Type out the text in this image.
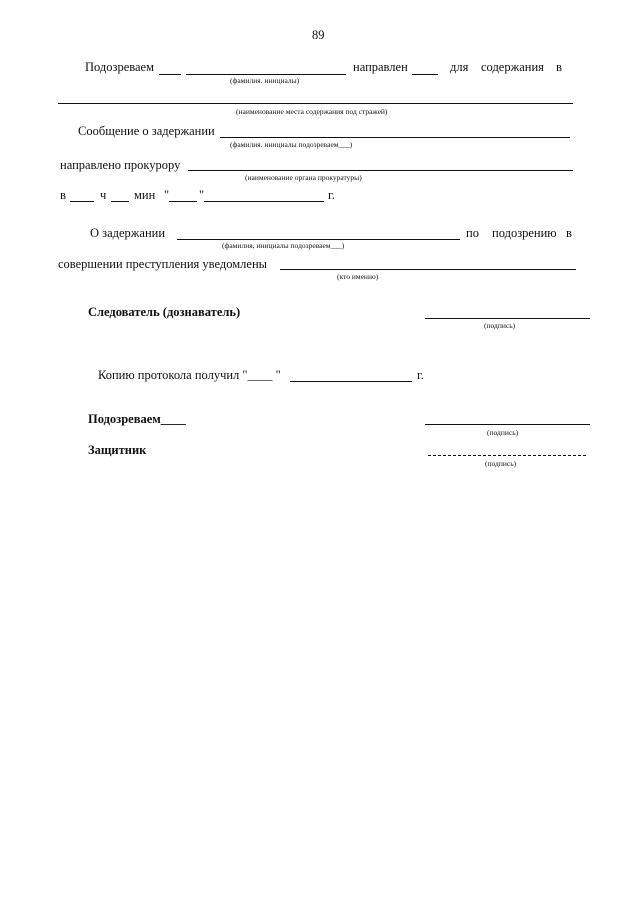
89
Подозреваем	направлен	для содержания в
(фамилия. инициалы)
(наименование места содержания под стражей)
Сообщение о задержании
(фамилия. инициалы подозреваем___)
направлено прокурору
(наименование органа прокуратуры)
в	ч мин " "	г.
О задержании	по подозрению в
(фамилия, инициалы подозреваем___)
совершении преступления уведомлены
(кто именно)
Следователь (дознаватель)
(подпись)
Копию протокола получил "____ "	г.
Подозреваем____
(подпись)
Защитник
(подпись)
